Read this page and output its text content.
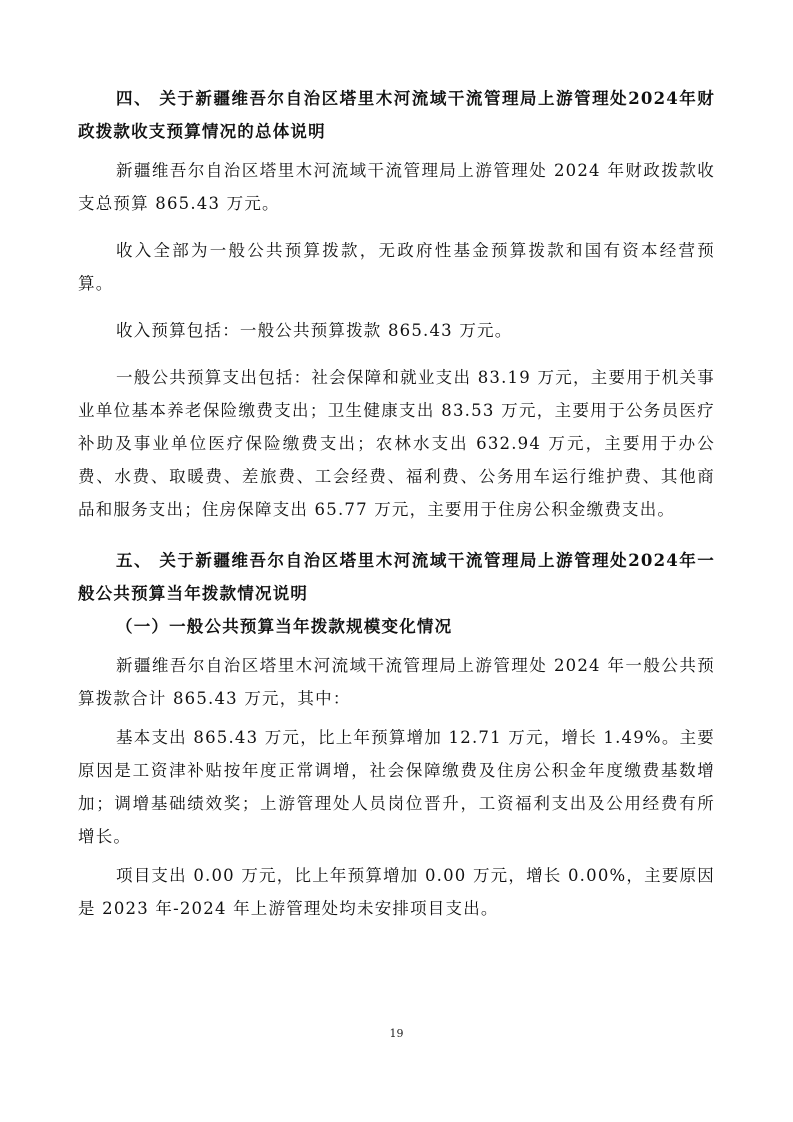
四、 关于新疆维吾尔自治区塔里木河流域干流管理局上游管理处2024年财政拨款收支预算情况的总体说明

新疆维吾尔自治区塔里木河流域干流管理局上游管理处 2024 年财政拨款收支总预算 865.43 万元。

收入全部为一般公共预算拨款，无政府性基金预算拨款和国有资本经营预算。

收入预算包括：一般公共预算拨款 865.43 万元。

一般公共预算支出包括：社会保障和就业支出 83.19 万元，主要用于机关事业单位基本养老保险缴费支出；卫生健康支出 83.53 万元，主要用于公务员医疗补助及事业单位医疗保险缴费支出；农林水支出 632.94 万元，主要用于办公费、水费、取暖费、差旅费、工会经费、福利费、公务用车运行维护费、其他商品和服务支出；住房保障支出 65.77 万元，主要用于住房公积金缴费支出。

五、 关于新疆维吾尔自治区塔里木河流域干流管理局上游管理处2024年一般公共预算当年拨款情况说明

（一）一般公共预算当年拨款规模变化情况

新疆维吾尔自治区塔里木河流域干流管理局上游管理处 2024 年一般公共预算拨款合计 865.43 万元，其中：

基本支出 865.43 万元，比上年预算增加 12.71 万元，增长 1.49%。主要原因是工资津补贴按年度正常调增，社会保障缴费及住房公积金年度缴费基数增加；调增基础绩效奖；上游管理处人员岗位晋升，工资福利支出及公用经费有所增长。

项目支出 0.00 万元，比上年预算增加 0.00 万元，增长 0.00%，主要原因是 2023 年-2024 年上游管理处均未安排项目支出。

19
